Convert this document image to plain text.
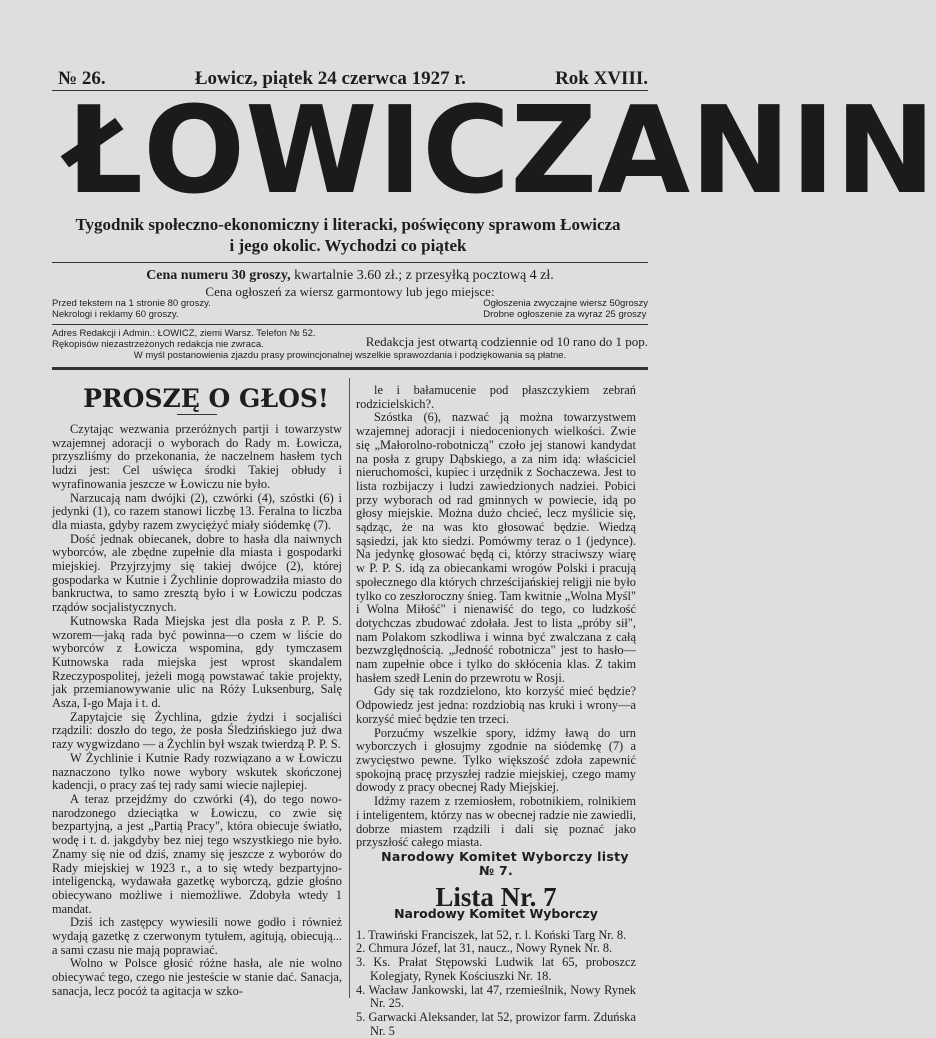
№ 26.	Łowicz, piątek 24 czerwca 1927 r.	Rok XVIII.
Ł O W I C Z A N I N
Tygodnik społeczno-ekonomiczny i literacki, poświęcony sprawom Łowicza
i jego okolic. Wychodzi co piątek
Cena numeru 30 groszy, kwartalnie 3.60 zł.; z przesyłką pocztową 4 zł.
Cena ogłoszeń za wiersz garmontowy lub jego miejsce:
Przed tekstem na 1 stronie 80 groszy.
Nekrologi i reklamy 60 groszy.
Ogłoszenia zwyczajne wiersz 50groszy
Drobne ogłoszenie za wyraz 25 groszy
Adres Redakcji i Admin.: ŁOWICZ, ziemi Warsz. Telefon № 52.
Rękopisów niezastrzeżonych redakcja nie zwraca.	Redakcja jest otwartą codziennie od 10 rano do 1 pop.
W myśl postanowienia zjazdu prasy prowincjonalnej wszelkie sprawozdania i podziękowania są płatne.

PROSZĘ O GŁOS!

Czytając wezwania przeróżnych partji i towarzystw wzajemnej adoracji o wyborach do Rady m. Łowicza, przyszliśmy do przekonania, że naczelnem hasłem tych ludzi jest: Cel uświęca środki Takiej obłudy i wyrafinowania jeszcze w Łowiczu nie było.

Narzucają nam dwójki (2), czwórki (4), szóstki (6) i jedynki (1), co razem stanowi liczbę 13. Feralna to liczba dla miasta, gdyby razem zwyciężyć miały siódemkę (7).

Dość jednak obiecanek, dobre to hasła dla naiwnych wyborców, ale zbędne zupełnie dla miasta i gospodarki miejskiej. Przyjrzyjmy się takiej dwójce (2), której gospodarka w Kutnie i Żychlinie doprowadziła miasto do bankructwa, to samo zresztą było i w Łowiczu podczas rządów socjalistycznych.

Kutnowska Rada Miejska jest dla posła z P. P. S. wzorem—jaką rada być powinna—o czem w liście do wyborców z Łowicza wspomina, gdy tymczasem Kutnowska rada miejska jest wprost skandalem Rzeczypospolitej, jeżeli mogą powstawać takie projekty, jak przemianowywanie ulic na Róży Luksenburg, Salę Asza, I-go Maja i t. d.

Zapytajcie się Żychlina, gdzie żydzi i socjaliści rządzili: doszło do tego, że posła Śledzińskiego już dwa razy wygwizdano — a Żychlin był wszak twierdzą P. P. S.

W Żychlinie i Kutnie Rady rozwiązano a w Łowiczu naznaczono tylko nowe wybory wskutek skończonej kadencji, o pracy zaś tej rady sami wiecie najlepiej.

A teraz przejdźmy do czwórki (4), do tego nowo-narodzonego dzieciątka w Łowiczu, co zwie się bezpartyjną, a jest „Partią Pracy", która obiecuje światło, wodę i t. d. jakgdyby bez niej tego wszystkiego nie było. Znamy się nie od dziś, znamy się jeszcze z wyborów do Rady miejskiej w 1923 r., a to się wtedy bezpartyjno-inteligencką, wydawała gazetkę wyborczą, gdzie głośno obiecywano możliwe i niemożliwe. Zdobyła wtedy 1 mandat.

Dziś ich zastępcy wywiesili nowe godło i również wydają gazetkę z czerwonym tytułem, agitują, obiecują... a sami czasu nie mają poprawiać.

Wolno w Polsce głosić różne hasła, ale nie wolno obiecywać tego, czego nie jesteście w stanie dać. Sanacja, sanacja, lecz pocóż ta agitacja w szko-

le i bałamucenie pod płaszczykiem zebrań rodzicielskich?.

Szóstka (6), nazwać ją można towarzystwem wzajemnej adoracji i niedocenionych wielkości. Zwie się „Małorolno-robotniczą" czoło jej stanowi kandydat na posła z grupy Dąbskiego, a za nim idą: właściciel nieruchomości, kupiec i urzędnik z Sochaczewa. Jest to lista rozbijaczy i ludzi zawiedzionych nadziei. Pobici przy wyborach od rad gminnych w powiecie, idą po głosy miejskie. Można dużo chcieć, lecz myślicie się, sądząc, że na was kto głosować będzie. Wiedzą sąsiedzi, jak kto siedzi. Pomówmy teraz o 1 (jedynce). Na jedynkę głosować będą ci, którzy straciwszy wiarę w P. P. S. idą za obiecankami wrogów Polski i pracują społecznego dla których chrześcijańskiej religji nie było tylko co zeszłoroczny śnieg. Tam kwitnie „Wolna Myśl" i Wolna Miłość" i nienawiść do tego, co ludzkość dotychczas zbudować zdołała. Jest to lista „próby sił", nam Polakom szkodliwa i winna być zwalczana z całą bezwzględnością. „Jedność robotnicza" jest to hasło—nam zupełnie obce i tylko do skłócenia klas. Z takim hasłem szedł Lenin do przewrotu w Rosji.

Gdy się tak rozdzielono, kto korzyść mieć będzie? Odpowiedz jest jedna: rozdziobią nas kruki i wrony—a korzyść mieć będzie ten trzeci.

Porzućmy wszelkie spory, idźmy ławą do urn wyborczych i głosujmy zgodnie na siódemkę (7) a zwycięstwo pewne. Tylko większość zdoła zapewnić spokojną pracę przyszłej radzie miejskiej, czego mamy dowody z pracy obecnej Rady Miejskiej.

Idźmy razem z rzemiosłem, robotnikiem, rolnikiem i inteligentem, którzy nas w obecnej radzie nie zawiedli, dobrze miastem rządzili i dali się poznać jako przyszłość całego miasta.

Narodowy Komitet Wyborczy listy № 7.

Lista Nr. 7
Narodowy Komitet Wyborczy
1. Trawiński Franciszek, lat 52, r. l. Koński Targ Nr. 8.
2. Chmura Józef, lat 31, naucz., Nowy Rynek Nr. 8.
3. Ks. Prałat Stępowski Ludwik lat 65, proboszcz Kolegjaty, Rynek Kościuszki Nr. 18.
4. Wacław Jankowski, lat 47, rzemieślnik, Nowy Rynek Nr. 25.
5. Garwacki Aleksander, lat 52, prowizor farm. Zduńska Nr. 5
